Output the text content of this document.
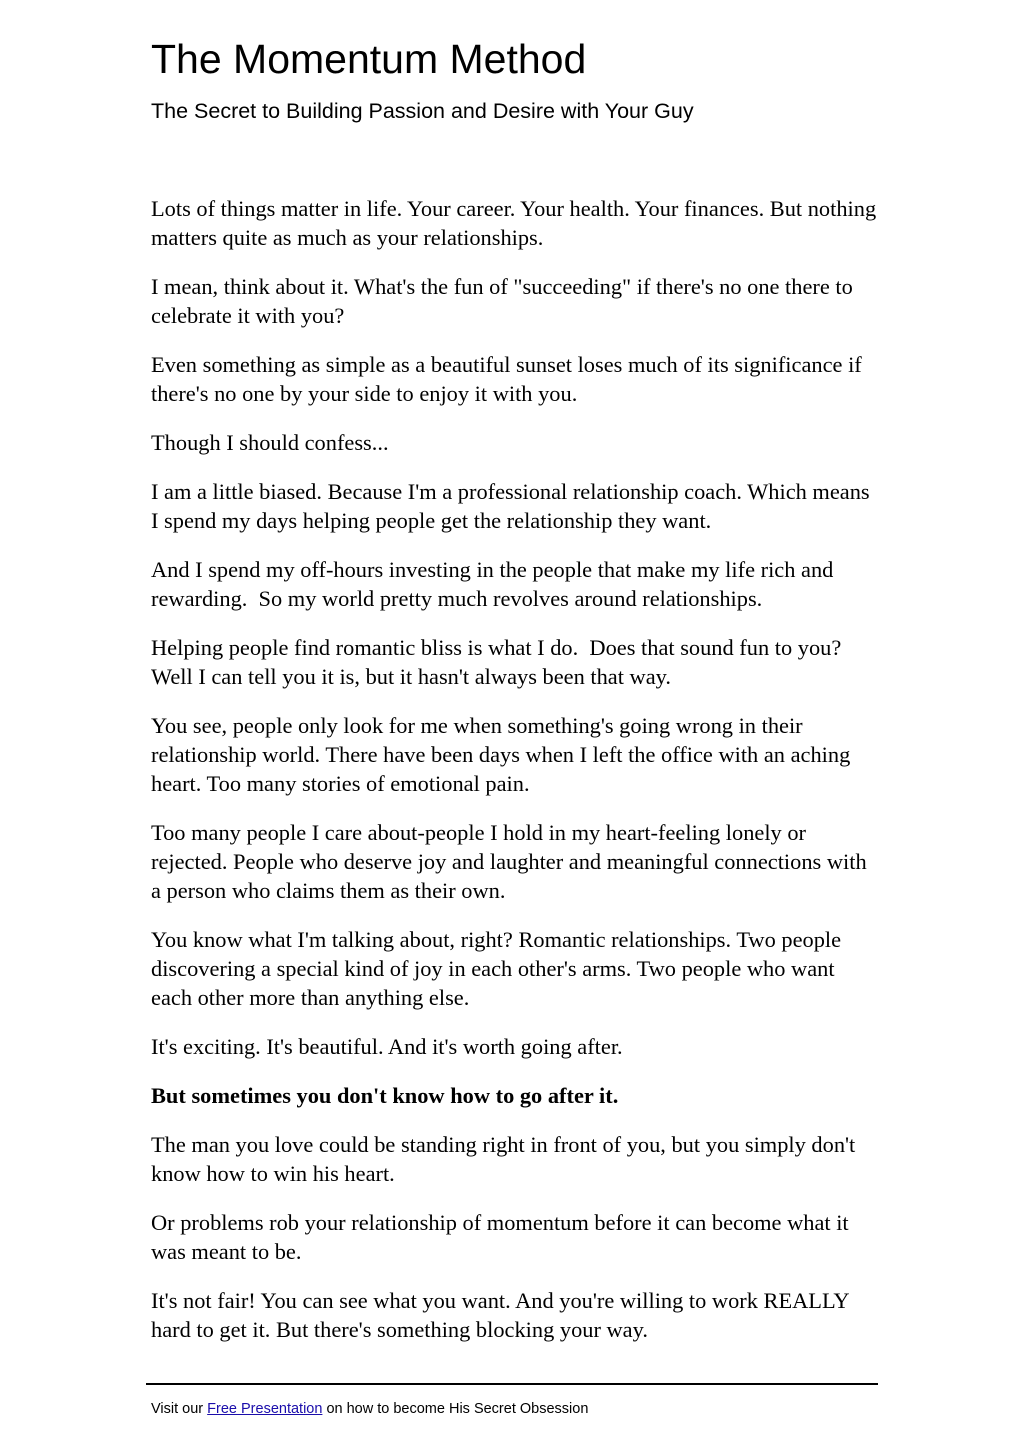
The Momentum Method
The Secret to Building Passion and Desire with Your Guy

Lots of things matter in life. Your career. Your health. Your finances. But nothing matters quite as much as your relationships.

I mean, think about it. What's the fun of "succeeding" if there's no one there to celebrate it with you?

Even something as simple as a beautiful sunset loses much of its significance if there's no one by your side to enjoy it with you.

Though I should confess...

I am a little biased. Because I'm a professional relationship coach. Which means I spend my days helping people get the relationship they want.

And I spend my off-hours investing in the people that make my life rich and rewarding.  So my world pretty much revolves around relationships.

Helping people find romantic bliss is what I do.  Does that sound fun to you? Well I can tell you it is, but it hasn't always been that way.

You see, people only look for me when something's going wrong in their relationship world. There have been days when I left the office with an aching heart. Too many stories of emotional pain.

Too many people I care about-people I hold in my heart-feeling lonely or rejected. People who deserve joy and laughter and meaningful connections with a person who claims them as their own.

You know what I'm talking about, right? Romantic relationships. Two people discovering a special kind of joy in each other's arms. Two people who want each other more than anything else.

It's exciting. It's beautiful. And it's worth going after.

But sometimes you don't know how to go after it.

The man you love could be standing right in front of you, but you simply don't know how to win his heart.

Or problems rob your relationship of momentum before it can become what it was meant to be.

It's not fair! You can see what you want. And you're willing to work REALLY hard to get it. But there's something blocking your way.

Visit our Free Presentation on how to become His Secret Obsession
